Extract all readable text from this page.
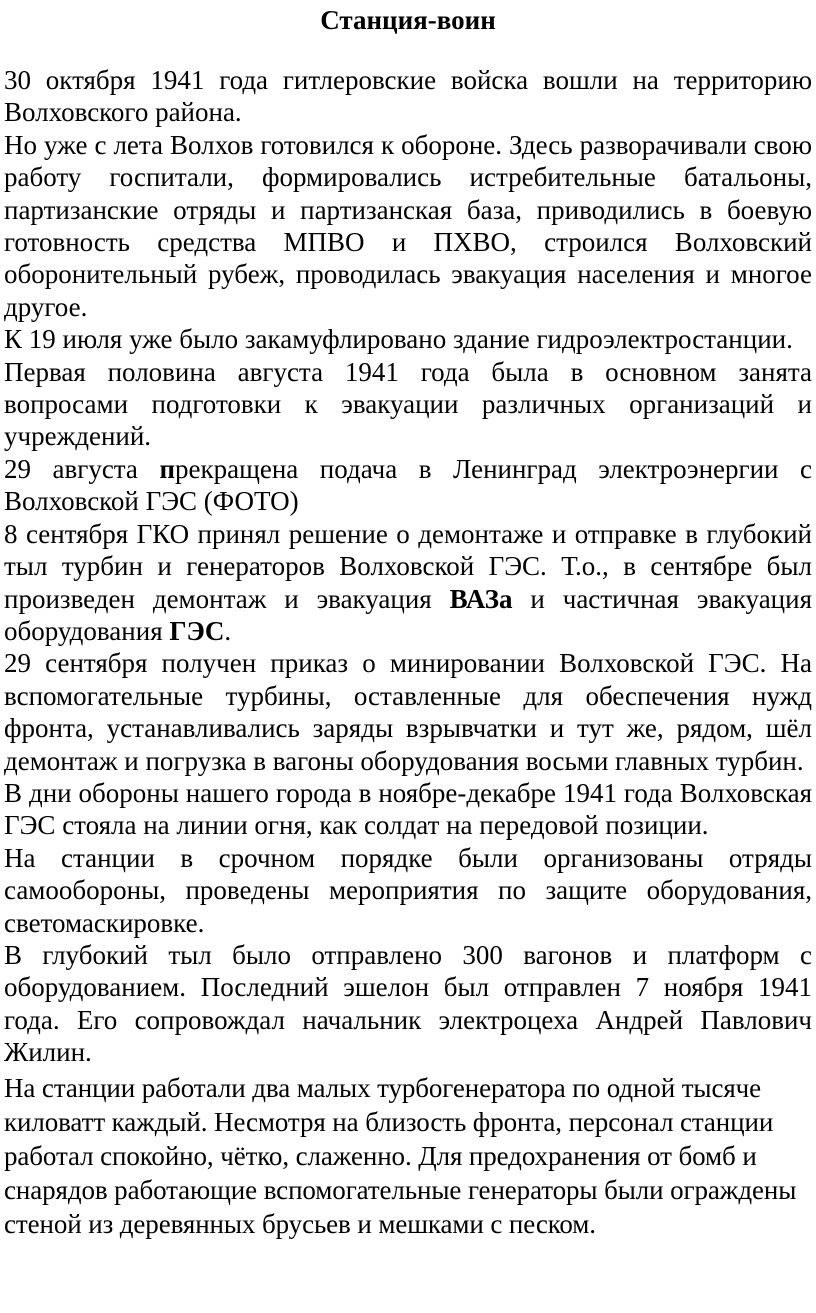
Станция-воин

30 октября 1941 года гитлеровские войска вошли на территорию Волховского района.

Но уже с лета Волхов готовился к обороне. Здесь разворачивали свою работу госпитали, формировались истребительные батальоны, партизанские отряды и партизанская база, приводились в боевую готовность средства МПВО и ПХВО, строился Волховский оборонительный рубеж, проводилась эвакуация населения и многое другое.

К 19 июля уже было закамуфлировано здание гидроэлектростанции.

Первая половина августа 1941 года была в основном занята вопросами подготовки к эвакуации различных организаций и учреждений.

29 августа прекращена подача в Ленинград электроэнергии с Волховской ГЭС (ФОТО)

8 сентября ГКО принял решение о демонтаже и отправке в глубокий тыл турбин и генераторов Волховской ГЭС. Т.о., в сентябре был произведен демонтаж и эвакуация ВАЗа и частичная эвакуация оборудования ГЭС.

29 сентября получен приказ о минировании Волховской ГЭС. На вспомогательные турбины, оставленные для обеспечения нужд фронта, устанавливались заряды взрывчатки и тут же, рядом, шёл демонтаж и погрузка в вагоны оборудования восьми главных турбин.

В дни обороны нашего города в ноябре-декабре 1941 года Волховская ГЭС стояла на линии огня, как солдат на передовой позиции.

На станции в срочном порядке были организованы отряды самообороны, проведены мероприятия по защите оборудования, светомаскировке.

В глубокий тыл было отправлено 300 вагонов и платформ с оборудованием. Последний эшелон был отправлен 7 ноября 1941 года. Его сопровождал начальник электроцеха Андрей Павлович Жилин.

На станции работали два малых турбогенератора по одной тысяче киловатт каждый. Несмотря на близость фронта, персонал станции работал спокойно, чётко, слаженно. Для предохранения от бомб и снарядов работающие вспомогательные генераторы были ограждены стеной из деревянных брусьев и мешками с песком.
